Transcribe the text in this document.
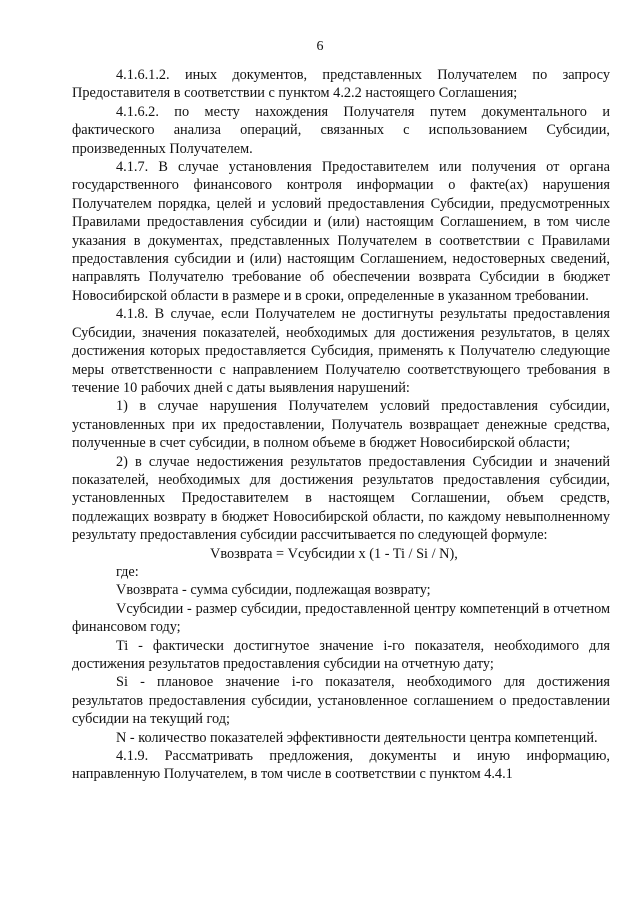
6

4.1.6.1.2. иных документов, представленных Получателем по запросу Предоставителя в соответствии с пунктом 4.2.2 настоящего Соглашения;

4.1.6.2. по месту нахождения Получателя путем документального и фактического анализа операций, связанных с использованием Субсидии, произведенных Получателем.

4.1.7. В случае установления Предоставителем или получения от органа государственного финансового контроля информации о факте(ах) нарушения Получателем порядка, целей и условий предоставления Субсидии, предусмотренных Правилами предоставления субсидии и (или) настоящим Соглашением, в том числе указания в документах, представленных Получателем в соответствии с Правилами предоставления субсидии и (или) настоящим Соглашением, недостоверных сведений, направлять Получателю требование об обеспечении возврата Субсидии в бюджет Новосибирской области в размере и в сроки, определенные в указанном требовании.

4.1.8. В случае, если Получателем не достигнуты результаты предоставления Субсидии, значения показателей, необходимых для достижения результатов, в целях достижения которых предоставляется Субсидия, применять к Получателю следующие меры ответственности с направлением Получателю соответствующего требования в течение 10 рабочих дней с даты выявления нарушений:

1) в случае нарушения Получателем условий предоставления субсидии, установленных при их предоставлении, Получатель возвращает денежные средства, полученные в счет субсидии, в полном объеме в бюджет Новосибирской области;

2) в случае недостижения результатов предоставления Субсидии и значений показателей, необходимых для достижения результатов предоставления субсидии, установленных Предоставителем в настоящем Соглашении, объем средств, подлежащих возврату в бюджет Новосибирской области, по каждому невыполненному результату предоставления субсидии рассчитывается по следующей формуле:

Vвозврата = Vсубсидии x (1 - Ti / Si / N),

где:

Vвозврата - сумма субсидии, подлежащая возврату;

Vсубсидии - размер субсидии, предоставленной центру компетенций в отчетном финансовом году;

Ti - фактически достигнутое значение i-го показателя, необходимого для достижения результатов предоставления субсидии на отчетную дату;

Si - плановое значение i-го показателя, необходимого для достижения результатов предоставления субсидии, установленное соглашением о предоставлении субсидии на текущий год;

N - количество показателей эффективности деятельности центра компетенций.

4.1.9. Рассматривать предложения, документы и иную информацию, направленную Получателем, в том числе в соответствии с пунктом 4.4.1
